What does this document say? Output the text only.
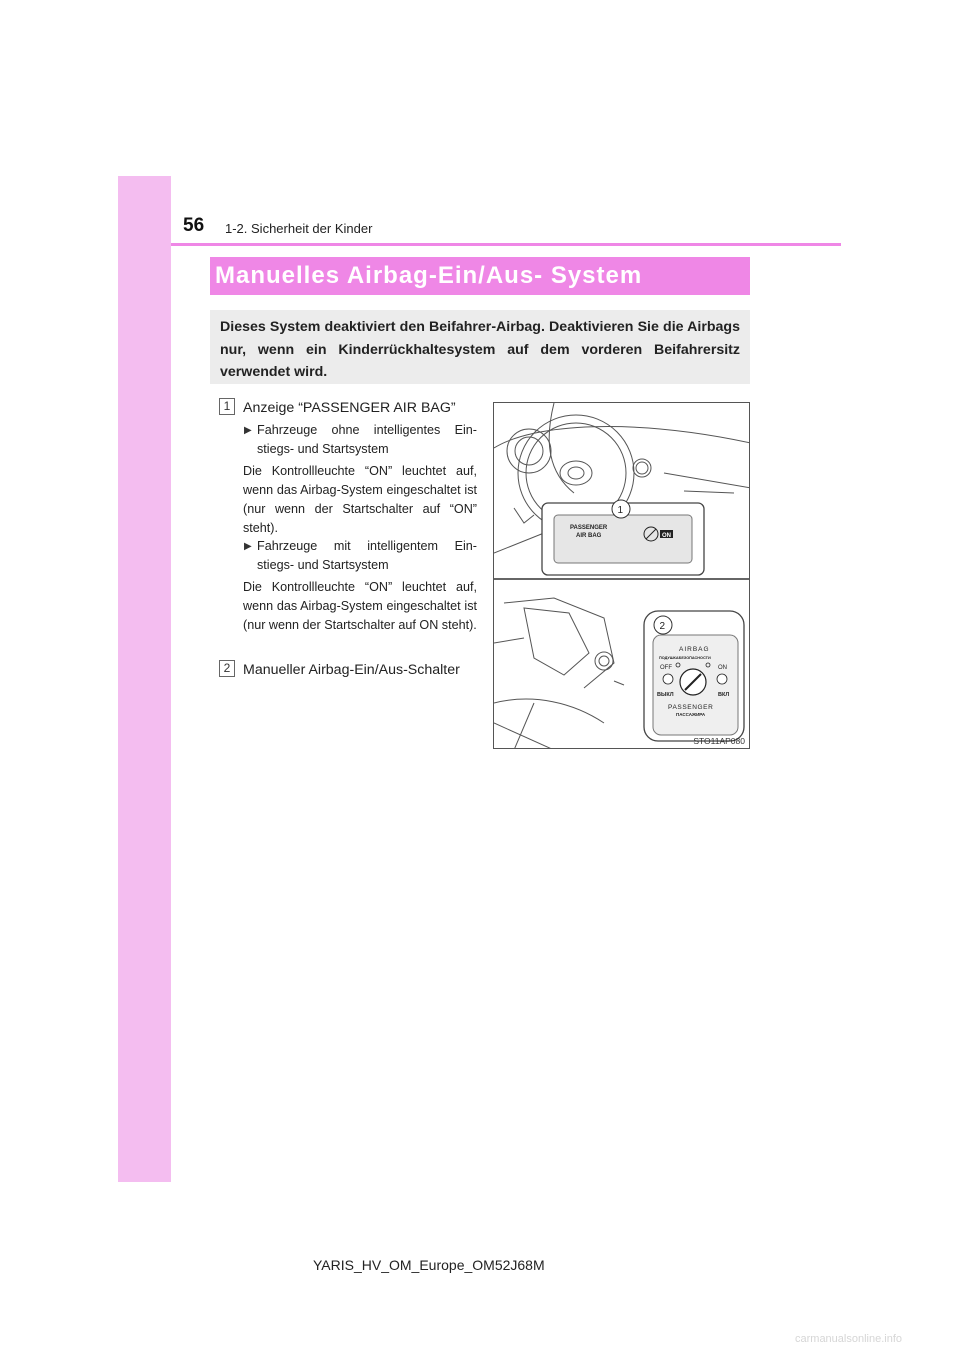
56 1-2. Sicherheit der Kinder
Manuelles Airbag-Ein/Aus- System
Dieses System deaktiviert den Beifahrer-Airbag. Deaktivieren Sie die Airbags nur, wenn ein Kinderrückhaltesystem auf dem vorderen Beifahrersitz verwendet wird.
1 Anzeige “PASSENGER AIR BAG”
▶ Fahrzeuge ohne intelligentes Ein- stiegs- und Startsystem
Die Kontrollleuchte “ON” leuchtet auf, wenn das Airbag-System eingeschaltet ist (nur wenn der Startschalter auf “ON” steht).
▶ Fahrzeuge mit intelligentem Ein- stiegs- und Startsystem
Die Kontrollleuchte “ON” leuchtet auf, wenn das Airbag-System eingeschaltet ist (nur wenn der Startschalter auf ON steht).
2 Manueller Airbag-Ein/Aus-Schalter
PASSENGER
AIR BAG	ON
1
2
AIRBAG
ПОДУШКАБЕЗОПАСНОСТИ
OFF	ON
ВЫКЛ	ВКЛ
PASSENGER
ПАССАЖИРА
STO11AP080
YARIS_HV_OM_Europe_OM52J68M
carmanualsonline.info
